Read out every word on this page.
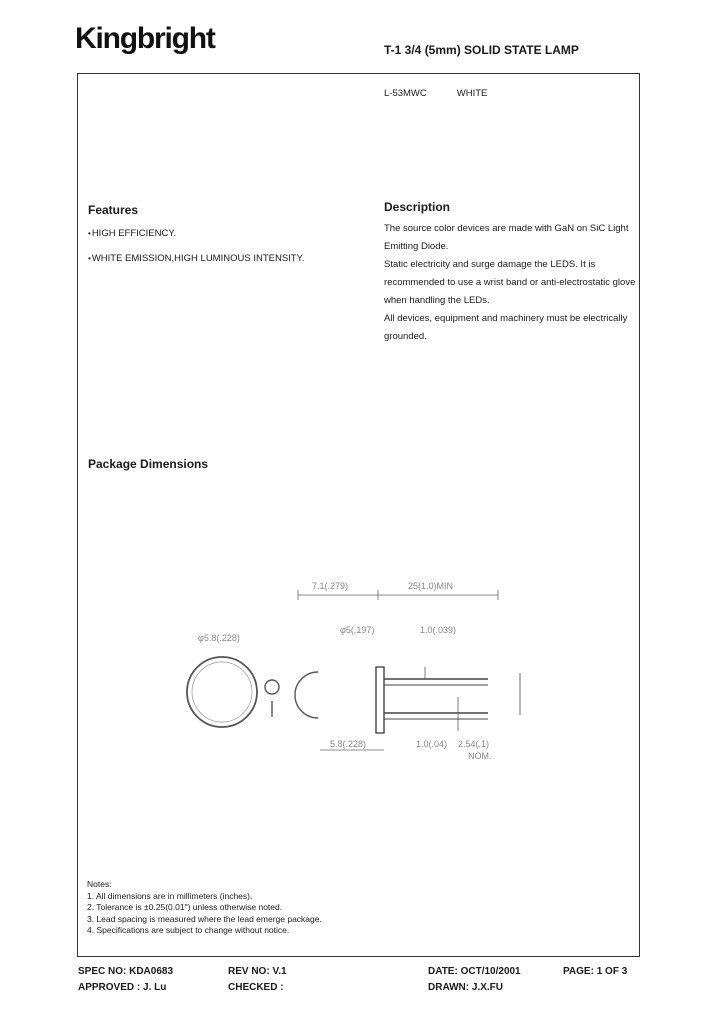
Kingbright	T-1 3/4 (5mm) SOLID STATE LAMP
L-53MWC	WHITE
Features
• HIGH EFFICIENCY.
• WHITE EMISSION,HIGH LUMINOUS INTENSITY.
Description
The source color devices are made with GaN on SiC Light
Emitting Diode.
Static electricity and surge damage the LEDS. It is
recommended to use a wrist band or anti-electrostatic glove
when handling the LEDs.
All devices, equipment and machinery must be electrically
grounded.
Package Dimensions
7.1(.279)	25(1.0)MIN
φ5.8(.228)
φ5(.197)	1.0(.039)
5.8(.228)	1.0(.04) 2.54(.1)
NOM.
Notes:
1. All dimensions are in millimeters (inches).
2. Tolerance is ±0.25(0.01") unless otherwise noted.
3. Lead spacing is measured where the lead emerge package.
4. Specifications are subject to change without notice.
SPEC NO: KDA0683	REV NO: V.1	DATE: OCT/10/2001	PAGE: 1 OF 3
APPROVED : J. Lu	CHECKED :	DRAWN: J.X.FU
